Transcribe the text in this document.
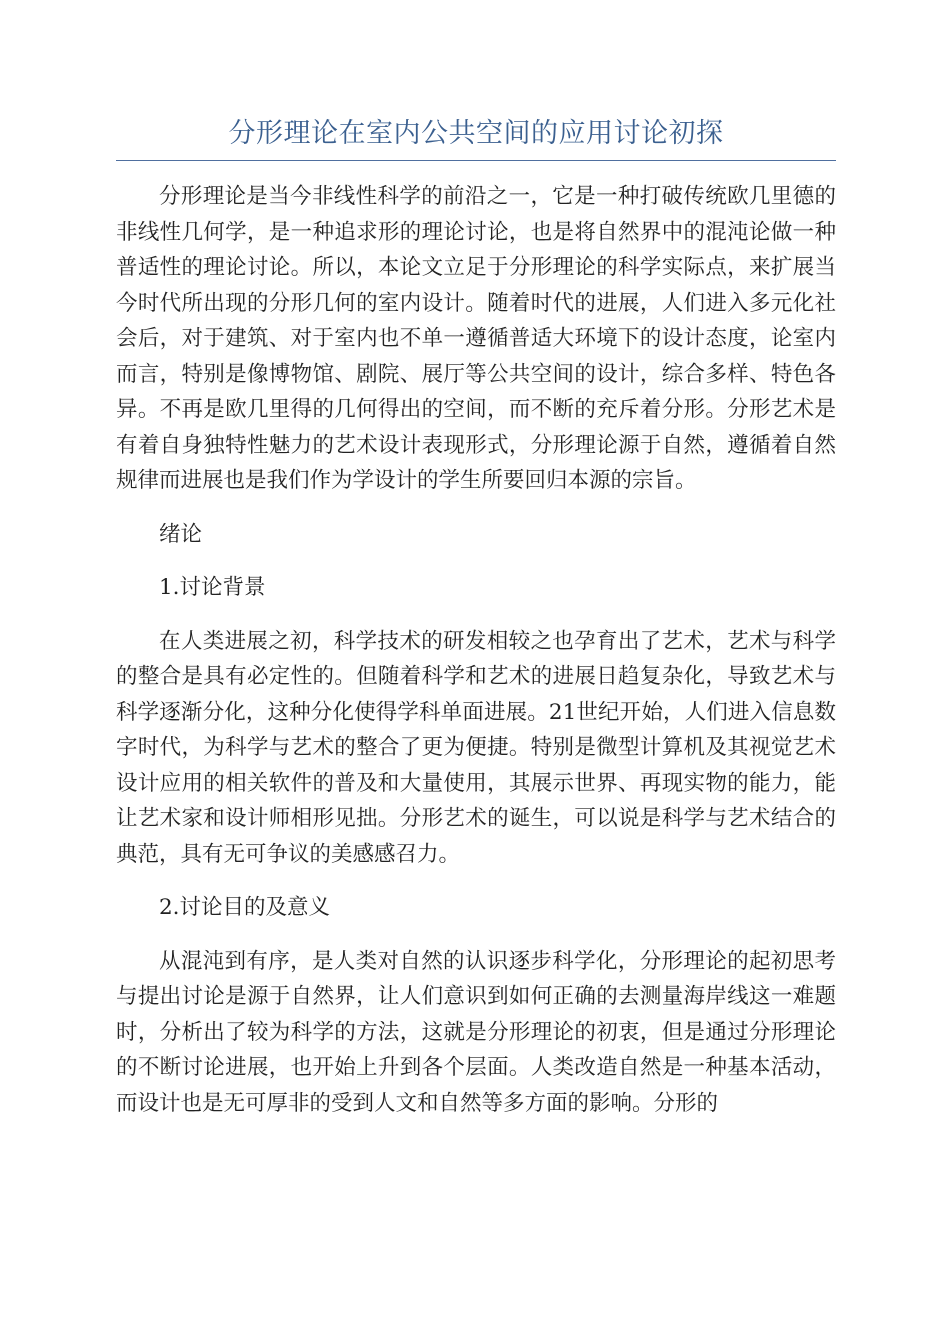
分形理论在室内公共空间的应用讨论初探

分形理论是当今非线性科学的前沿之一，它是一种打破传统欧几里德的非线性几何学，是一种追求形的理论讨论，也是将自然界中的混沌论做一种普适性的理论讨论。所以，本论文立足于分形理论的科学实际点，来扩展当今时代所出现的分形几何的室内设计。随着时代的进展，人们进入多元化社会后，对于建筑、对于室内也不单一遵循普适大环境下的设计态度，论室内而言，特别是像博物馆、剧院、展厅等公共空间的设计，综合多样、特色各异。不再是欧几里得的几何得出的空间，而不断的充斥着分形。分形艺术是有着自身独特性魅力的艺术设计表现形式，分形理论源于自然，遵循着自然规律而进展也是我们作为学设计的学生所要回归本源的宗旨。

绪论

1.讨论背景

在人类进展之初，科学技术的研发相较之也孕育出了艺术，艺术与科学的整合是具有必定性的。但随着科学和艺术的进展日趋复杂化，导致艺术与科学逐渐分化，这种分化使得学科单面进展。21世纪开始，人们进入信息数字时代，为科学与艺术的整合了更为便捷。特别是微型计算机及其视觉艺术设计应用的相关软件的普及和大量使用，其展示世界、再现实物的能力，能让艺术家和设计师相形见拙。分形艺术的诞生，可以说是科学与艺术结合的典范，具有无可争议的美感感召力。

2.讨论目的及意义

从混沌到有序，是人类对自然的认识逐步科学化，分形理论的起初思考与提出讨论是源于自然界，让人们意识到如何正确的去测量海岸线这一难题时，分析出了较为科学的方法，这就是分形理论的初衷，但是通过分形理论的不断讨论进展，也开始上升到各个层面。人类改造自然是一种基本活动，而设计也是无可厚非的受到人文和自然等多方面的影响。分形的
